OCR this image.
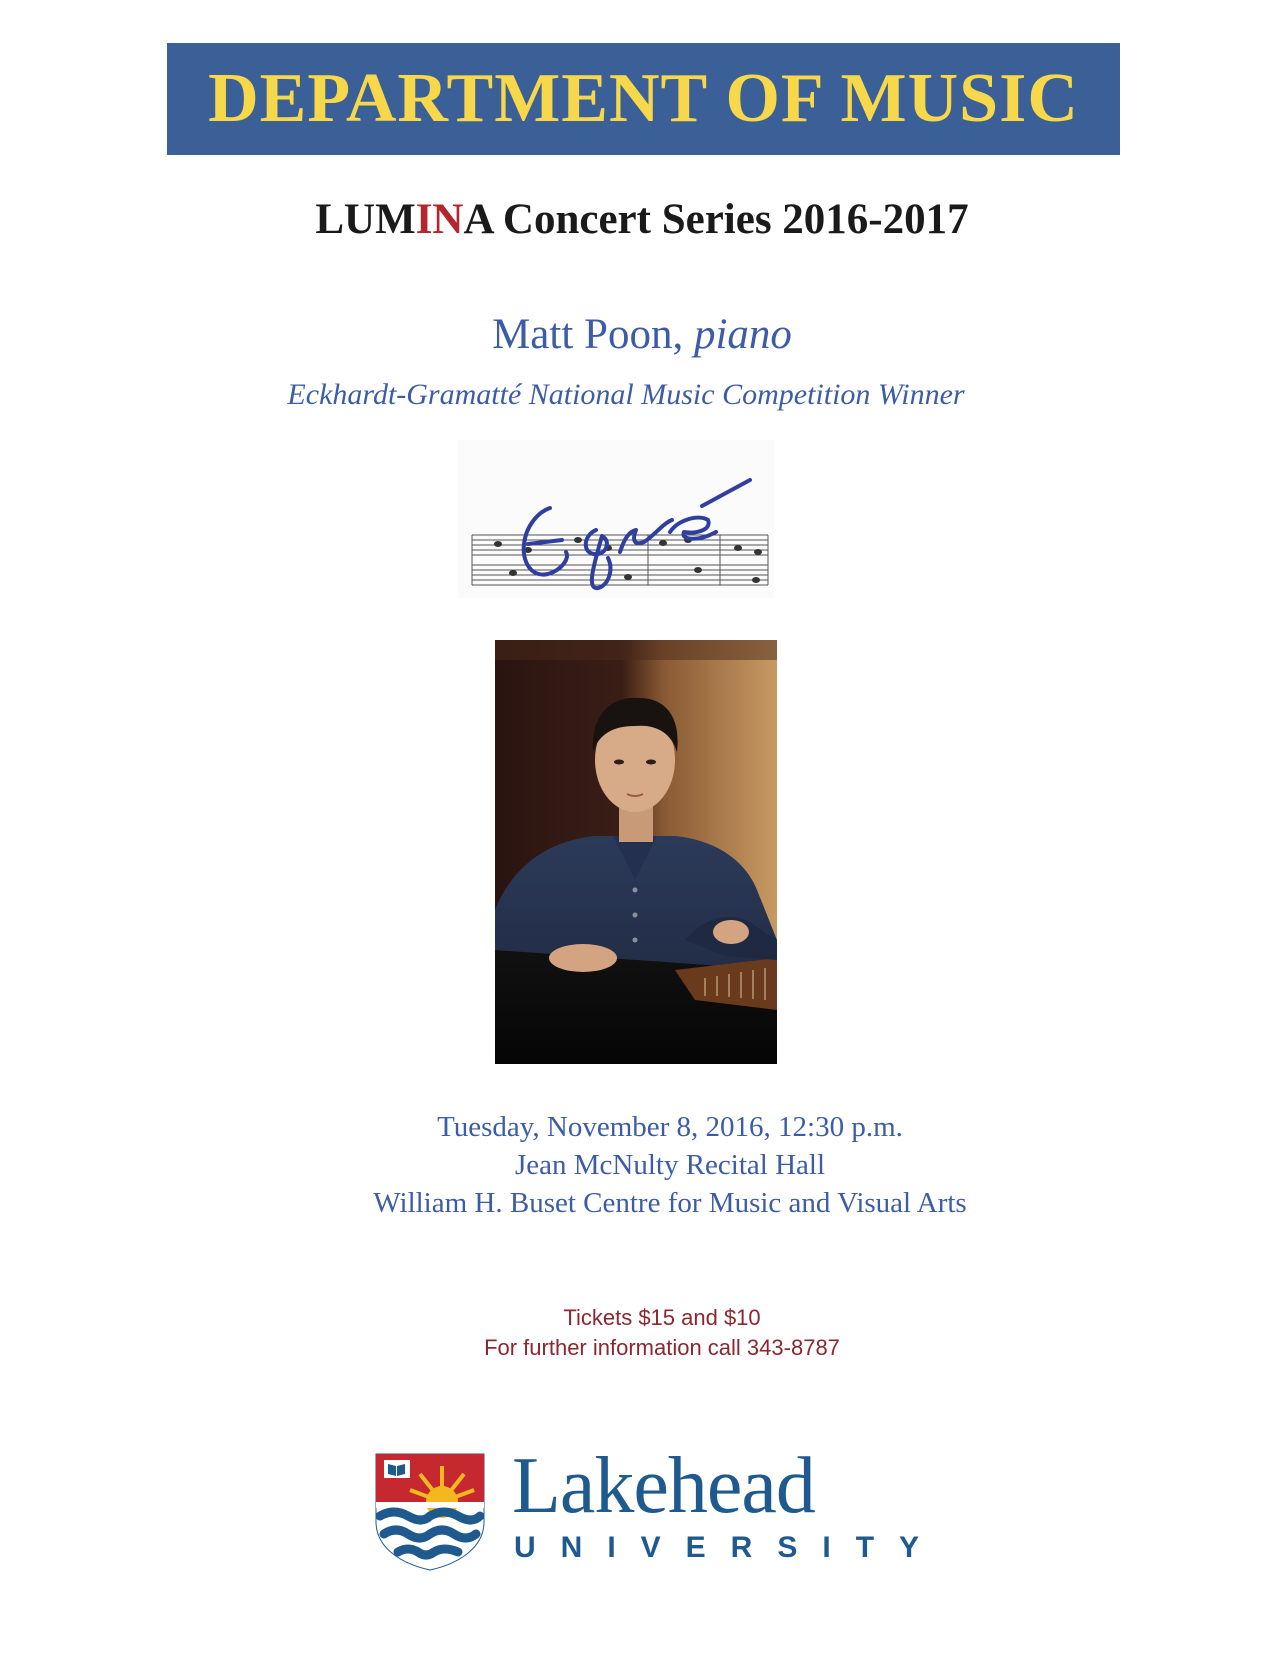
DEPARTMENT OF MUSIC
LUMINA Concert Series 2016-2017
Matt Poon, piano
Eckhardt-Gramatté National Music Competition Winner
Tuesday, November 8, 2016, 12:30 p.m.
Jean McNulty Recital Hall
William H. Buset Centre for Music and Visual Arts
Tickets $15 and $10
For further information call 343-8787
Lakehead
UNIVERSITY
